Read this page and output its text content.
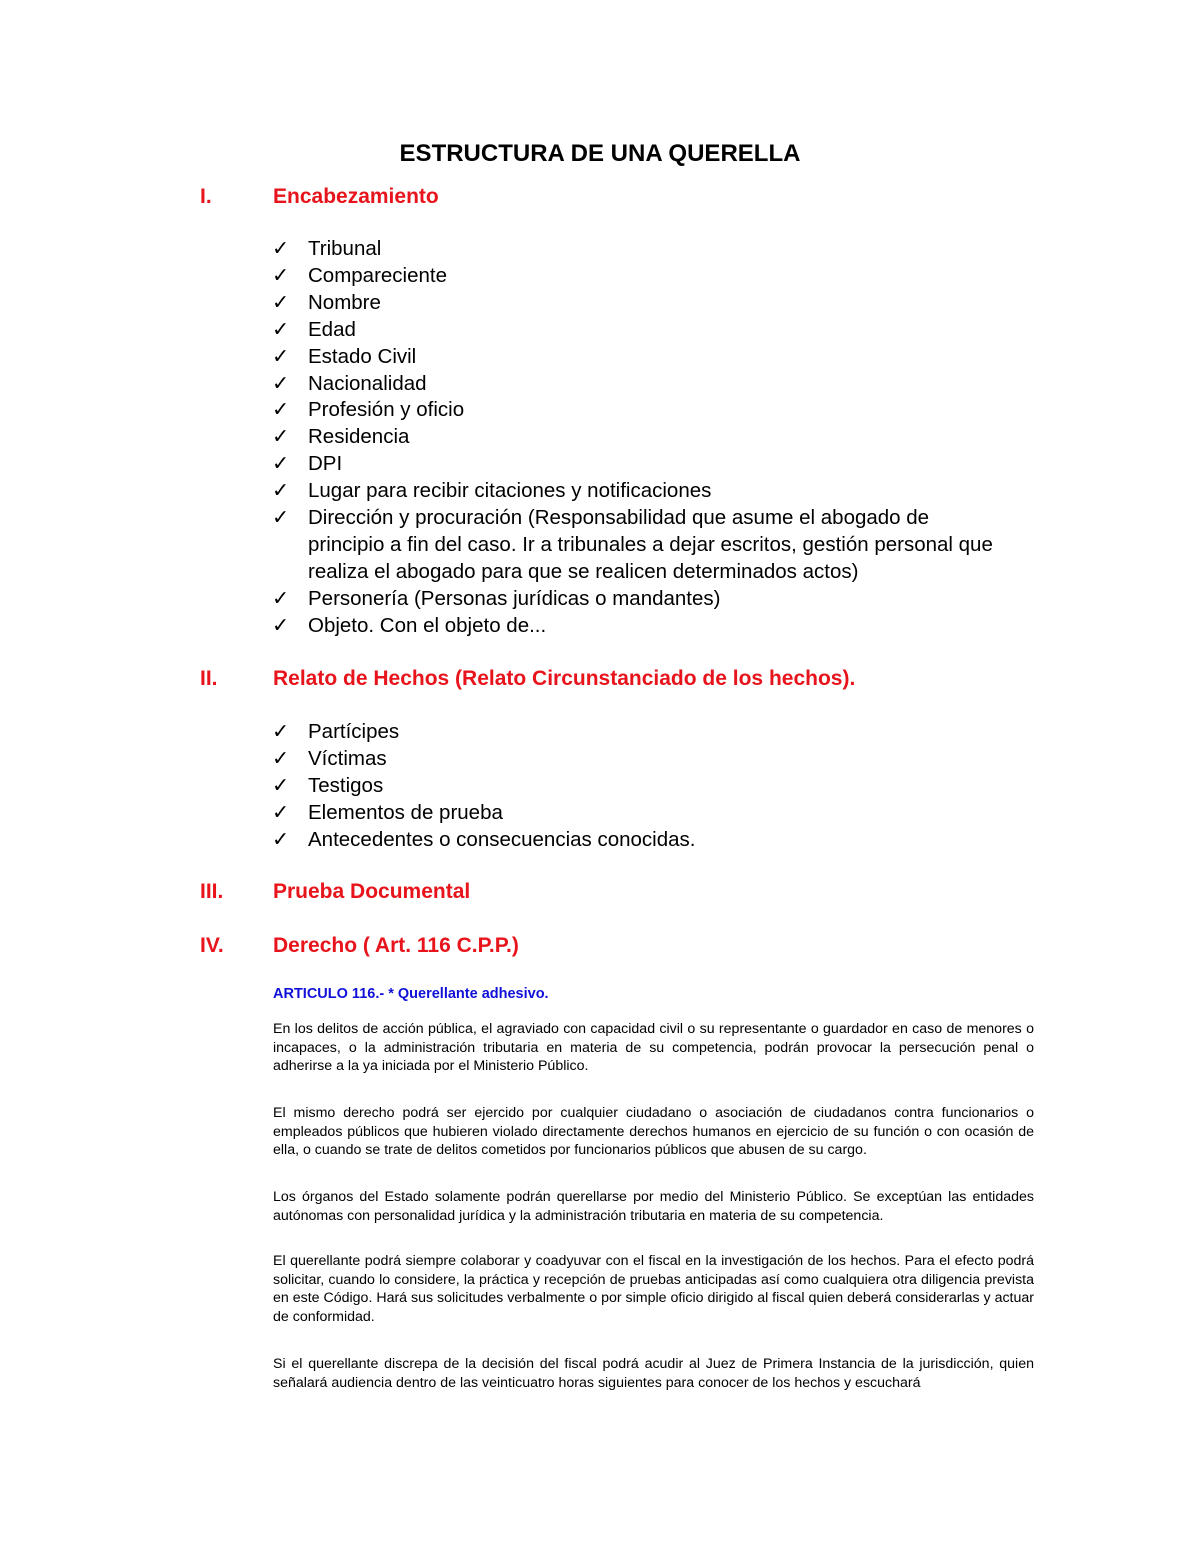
ESTRUCTURA DE UNA QUERELLA
I.	Encabezamiento
✓ Tribunal
✓ Compareciente
✓ Nombre
✓ Edad
✓ Estado Civil
✓ Nacionalidad
✓ Profesión y oficio
✓ Residencia
✓ DPI
✓ Lugar para recibir citaciones y notificaciones
✓ Dirección y procuración (Responsabilidad que asume el abogado de principio a fin del caso. Ir a tribunales a dejar escritos, gestión personal que realiza el abogado para que se realicen determinados actos)
✓ Personería (Personas jurídicas o mandantes)
✓ Objeto. Con el objeto de...
II.	Relato de Hechos (Relato Circunstanciado de los hechos).
✓ Partícipes
✓ Víctimas
✓ Testigos
✓ Elementos de prueba
✓ Antecedentes o consecuencias conocidas.
III. Prueba Documental
IV. Derecho ( Art. 116 C.P.P.)
ARTICULO 116.- * Querellante adhesivo.

En los delitos de acción pública, el agraviado con capacidad civil o su representante o guardador en caso de menores o incapaces, o la administración tributaria en materia de su competencia, podrán provocar la persecución penal o adherirse a la ya iniciada por el Ministerio Público.

El mismo derecho podrá ser ejercido por cualquier ciudadano o asociación de ciudadanos contra funcionarios o empleados públicos que hubieren violado directamente derechos humanos en ejercicio de su función o con ocasión de ella, o cuando se trate de delitos cometidos por funcionarios públicos que abusen de su cargo.

Los órganos del Estado solamente podrán querellarse por medio del Ministerio Público. Se exceptúan las entidades autónomas con personalidad jurídica y la administración tributaria en materia de su competencia.

El querellante podrá siempre colaborar y coadyuvar con el fiscal en la investigación de los hechos. Para el efecto podrá solicitar, cuando lo considere, la práctica y recepción de pruebas anticipadas así como cualquiera otra diligencia prevista en este Código. Hará sus solicitudes verbalmente o por simple oficio dirigido al fiscal quien deberá considerarlas y actuar de conformidad.

Si el querellante discrepa de la decisión del fiscal podrá acudir al Juez de Primera Instancia de la jurisdicción, quien señalará audiencia dentro de las veinticuatro horas siguientes para conocer de los hechos y escuchará
